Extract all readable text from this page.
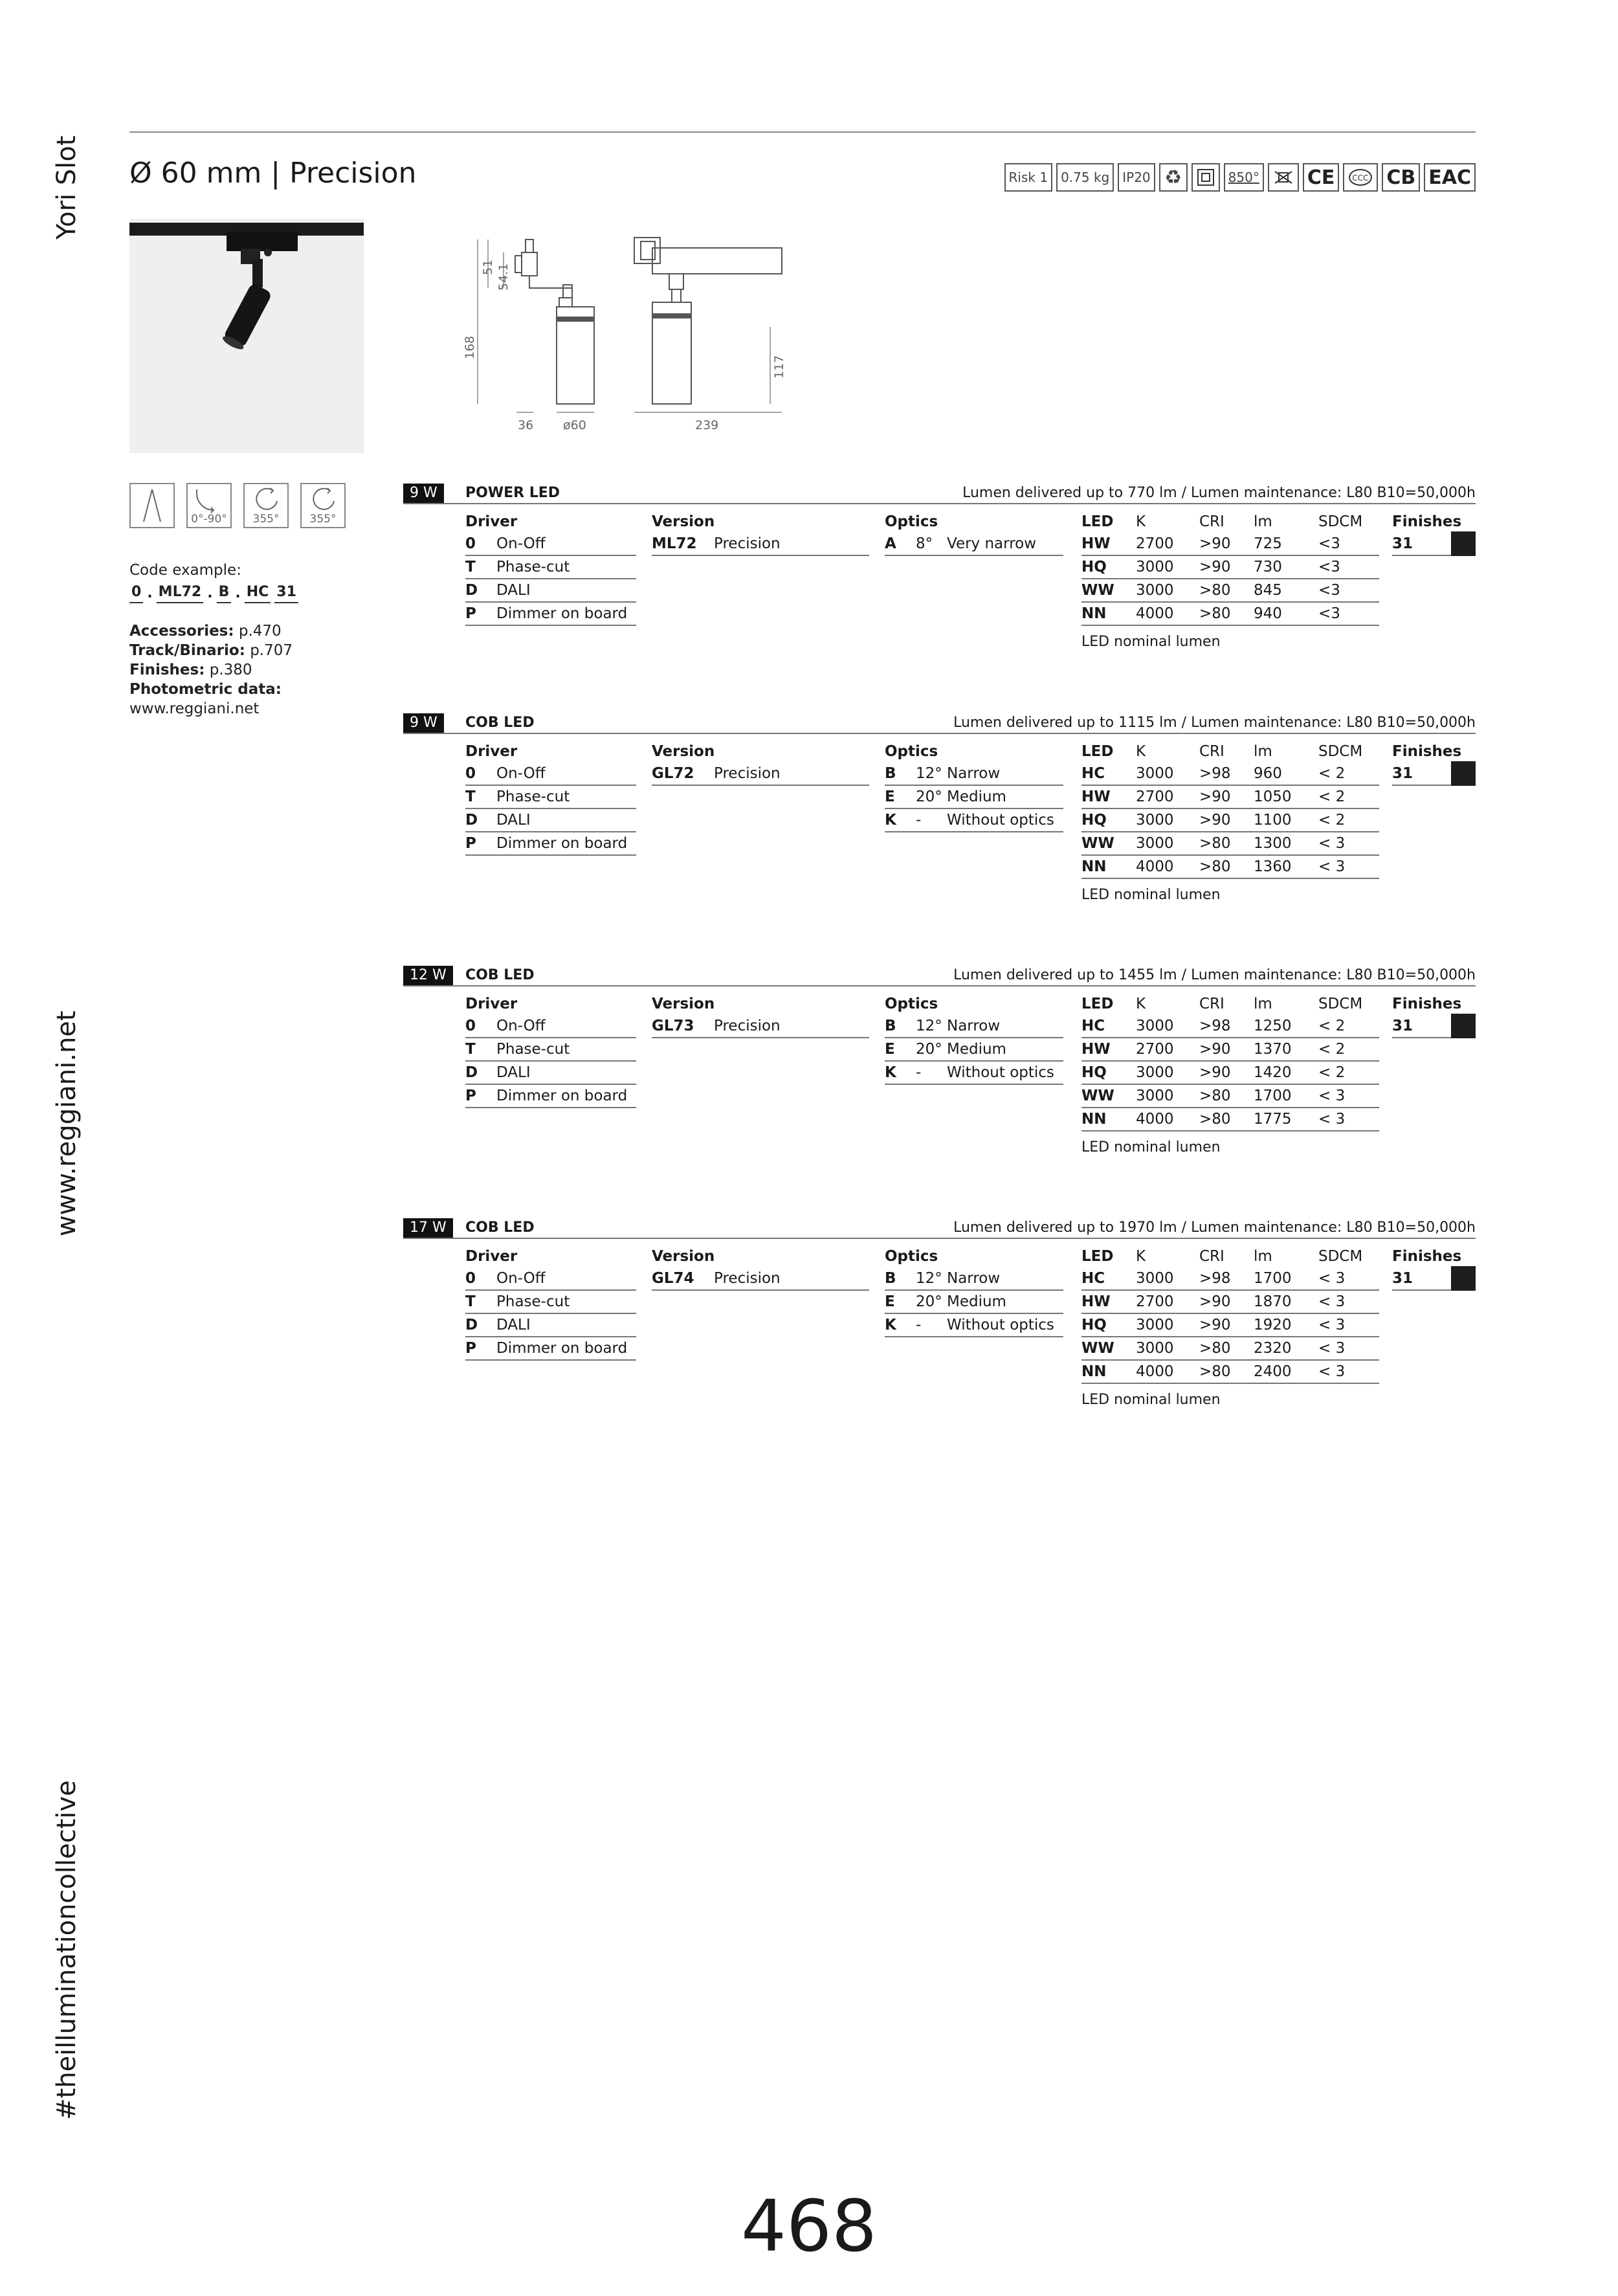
Yori Slot
www.reggiani.net
#theilluminationcollective
Ø 60 mm | Precision	Risk 1	0.75 kg	IP20 ♻	850° CE	CCC CB EAC
51 54.1
168
117
36 ø60	239
0°-90°	355°	355°
Code example:
0 . ML72 . B . HC 31
Accessories: p.470
Track/Binario: p.707
Finishes: p.380
Photometric data:
www.reggiani.net
9 W	POWER LED	Lumen delivered up to 770 lm / Lumen maintenance: L80 B10=50,000h
Driver
0	On-Off
T	Phase-cut
D	DALI
P	Dimmer on board
Version
ML72	Precision
Optics
A	8° Very narrow
LED	K	CRI	lm	SDCM
HW	2700	>90	725	<3
HQ	3000	>90	730	<3
WW	3000	>80	845	<3
NN	4000	>80	940	<3
LED nominal lumen
Finishes
31
9 W	COB LED	Lumen delivered up to 1115 lm / Lumen maintenance: L80 B10=50,000h
Driver
0	On-Off
T	Phase-cut
D	DALI
P	Dimmer on board
Version
GL72	Precision
Optics
B	12° Narrow
E	20° Medium
K	-	Without optics
LED	K	CRI	lm	SDCM
HC	3000	>98	960	< 2
HW	2700	>90	1050	< 2
HQ	3000	>90	1100	< 2
WW	3000	>80	1300	< 3
NN	4000	>80	1360	< 3
LED nominal lumen
Finishes
31
12 W	COB LED	Lumen delivered up to 1455 lm / Lumen maintenance: L80 B10=50,000h
Driver
0	On-Off
T	Phase-cut
D	DALI
P	Dimmer on board
Version
GL73	Precision
Optics
B	12° Narrow
E	20° Medium
K	-	Without optics
LED	K	CRI	lm	SDCM
HC	3000	>98	1250	< 2
HW	2700	>90	1370	< 2
HQ	3000	>90	1420	< 2
WW	3000	>80	1700	< 3
NN	4000	>80	1775	< 3
LED nominal lumen
Finishes
31
17 W	COB LED	Lumen delivered up to 1970 lm / Lumen maintenance: L80 B10=50,000h
Driver
0	On-Off
T	Phase-cut
D	DALI
P	Dimmer on board
Version
GL74	Precision
Optics
B	12° Narrow
E	20° Medium
K	-	Without optics
LED	K	CRI	lm	SDCM
HC	3000	>98	1700	< 3
HW	2700	>90	1870	< 3
HQ	3000	>90	1920	< 3
WW	3000	>80	2320	< 3
NN	4000	>80	2400	< 3
LED nominal lumen
Finishes
31
468
